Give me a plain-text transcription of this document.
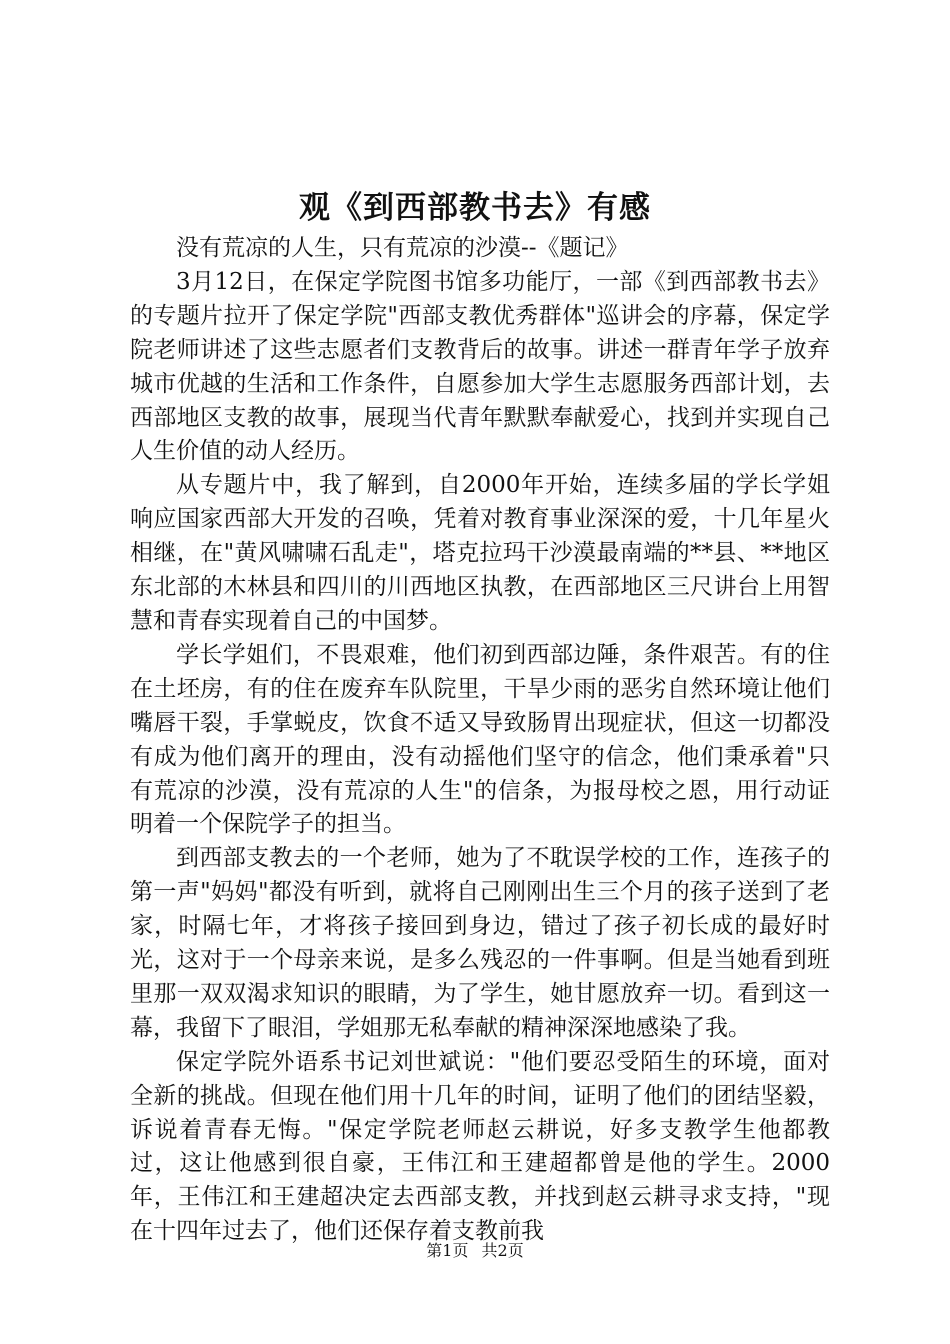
观《到西部教书去》有感

没有荒凉的人生，只有荒凉的沙漠--《题记》

3月12日，在保定学院图书馆多功能厅，一部《到西部教书去》的专题片拉开了保定学院"西部支教优秀群体"巡讲会的序幕，保定学院老师讲述了这些志愿者们支教背后的故事。讲述一群青年学子放弃城市优越的生活和工作条件，自愿参加大学生志愿服务西部计划，去西部地区支教的故事，展现当代青年默默奉献爱心，找到并实现自己人生价值的动人经历。

从专题片中，我了解到，自2000年开始，连续多届的学长学姐响应国家西部大开发的召唤，凭着对教育事业深深的爱，十几年星火相继，在"黄风啸啸石乱走"，塔克拉玛干沙漠最南端的**县、**地区东北部的木林县和四川的川西地区执教，在西部地区三尺讲台上用智慧和青春实现着自己的中国梦。

学长学姐们，不畏艰难，他们初到西部边陲，条件艰苦。有的住在土坯房，有的住在废弃车队院里，干旱少雨的恶劣自然环境让他们嘴唇干裂，手掌蜕皮，饮食不适又导致肠胃出现症状，但这一切都没有成为他们离开的理由，没有动摇他们坚守的信念，他们秉承着"只有荒凉的沙漠，没有荒凉的人生"的信条，为报母校之恩，用行动证明着一个保院学子的担当。

到西部支教去的一个老师，她为了不耽误学校的工作，连孩子的第一声"妈妈"都没有听到，就将自己刚刚出生三个月的孩子送到了老家，时隔七年，才将孩子接回到身边，错过了孩子初长成的最好时光，这对于一个母亲来说，是多么残忍的一件事啊。但是当她看到班里那一双双渴求知识的眼睛，为了学生，她甘愿放弃一切。看到这一幕，我留下了眼泪，学姐那无私奉献的精神深深地感染了我。

保定学院外语系书记刘世斌说："他们要忍受陌生的环境，面对全新的挑战。但现在他们用十几年的时间，证明了他们的团结坚毅，诉说着青春无悔。"保定学院老师赵云耕说，好多支教学生他都教过，这让他感到很自豪，王伟江和王建超都曾是他的学生。2000年，王伟江和王建超决定去西部支教，并找到赵云耕寻求支持，"现在十四年过去了，他们还保存着支教前我

第1页 共2页
